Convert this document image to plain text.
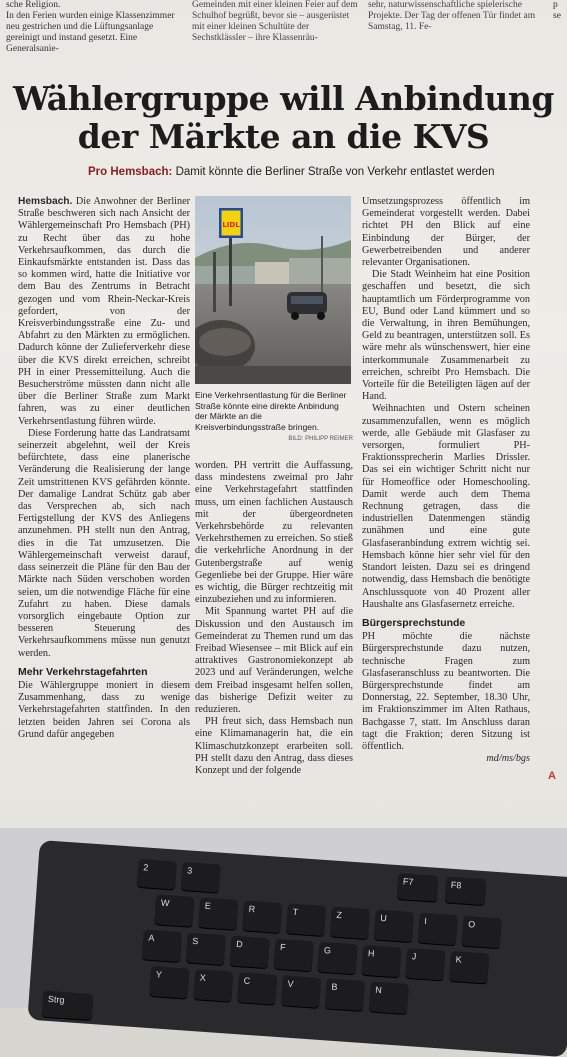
sche Religion.
In den Ferien wurden einige Klassenzimmer neu gestrichen und die Lüftungsanlage gereinigt und instand gesetzt. Eine Generalsanie-
Gemeinden mit einer kleinen Feier auf dem Schulhof begrüßt, bevor sie – ausgerüstet mit einer kleinen Schultüte der Sechstklässler – ihre Klassenräu-
sehr, naturwissenschaftliche spielerische Projekte. Der Tag der offenen Tür findet am Samstag, 11. Fe-
p
se
Wählergruppe will Anbindung
der Märkte an die KVS
Pro Hemsbach: Damit könnte die Berliner Straße von Verkehr entlastet werden

Hemsbach. Die Anwohner der Berliner Straße beschweren sich nach Ansicht der Wählergemeinschaft Pro Hemsbach (PH) zu Recht über das zu hohe Verkehrsaufkommen, das durch die Einkaufsmärkte entstanden ist. Dass das so kommen wird, hatte die Initiative vor dem Bau des Zentrums in Betracht gezogen und vom Rhein-Neckar-Kreis gefordert, von der Kreisverbindungsstraße eine Zu- und Abfahrt zu den Märkten zu ermöglichen. Dadurch könne der Zulieferverkehr diese über die KVS direkt erreichen, schreibt PH in einer Pressemitteilung. Auch die Besucherströme müssten dann nicht alle über die Berliner Straße zum Markt fahren, was zu einer deutlichen Verkehrsentlastung führen würde.

Diese Forderung hatte das Landratsamt seinerzeit abgelehnt, weil der Kreis befürchtete, dass eine planerische Veränderung die Realisierung der lange Zeit umstrittenen KVS gefährden könnte. Der damalige Landrat Schütz gab aber das Versprechen ab, sich nach Fertigstellung der KVS des Anliegens anzunehmen. PH stellt nun den Antrag, dies in die Tat umzusetzen. Die Wählergemeinschaft verweist darauf, dass seinerzeit die Pläne für den Bau der Märkte nach Süden verschoben worden seien, um die notwendige Fläche für eine Zufahrt zu haben. Diese damals vorsorglich eingebaute Option zur besseren Steuerung des Verkehrsaufkommens müsse nun genutzt werden.

Mehr Verkehrstagefahrten

Die Wählergruppe moniert in diesem Zusammenhang, dass zu wenige Verkehrstagefahrten stattfinden. In den letzten beiden Jahren sei Corona als Grund dafür angegeben

LIDL
Eine Verkehrsentlastung für die Berliner Straße könnte eine direkte Anbindung der Märkte an die Kreisverbindungsstraße bringen.
BILD: PHILIPP REIMER

worden. PH vertritt die Auffassung, dass mindestens zweimal pro Jahr eine Verkehrstagefahrt stattfinden muss, um einen fachlichen Austausch mit der übergeordneten Verkehrsbehörde zu relevanten Verkehrsthemen zu erreichen. So stieß die verkehrliche Anordnung in der Gutenbergstraße auf wenig Gegenliebe bei der Gruppe. Hier wäre es wichtig, die Bürger rechtzeitig mit einzubeziehen und zu informieren.

Mit Spannung wartet PH auf die Diskussion und den Austausch im Gemeinderat zu Themen rund um das Freibad Wiesensee – mit Blick auf ein attraktives Gastronomiekonzept ab 2023 und auf Veränderungen, welche dem Freibad insgesamt helfen sollen, das bisherige Defizit weiter zu reduzieren.

PH freut sich, dass Hemsbach nun eine Klimamanagerin hat, die ein Klimaschutzkonzept erarbeiten soll. PH stellt dazu den Antrag, dass dieses Konzept und der folgende

Umsetzungsprozess öffentlich im Gemeinderat vorgestellt werden. Dabei richtet PH den Blick auf eine Einbindung der Bürger, der Gewerbetreibenden und anderer relevanter Organisationen.

Die Stadt Weinheim hat eine Position geschaffen und besetzt, die sich hauptamtlich um Förderprogramme von EU, Bund oder Land kümmert und so die Verwaltung, in ihren Bemühungen, Geld zu beantragen, unterstützen soll. Es wäre mehr als wünschenswert, hier eine interkommunale Zusammenarbeit zu erreichen, schreibt Pro Hemsbach. Die Vorteile für die Beteiligten lägen auf der Hand.

Weihnachten und Ostern scheinen zusammenzufallen, wenn es möglich werde, alle Gebäude mit Glasfaser zu versorgen, formuliert PH-Fraktionssprecherin Marlies Drissler. Das sei ein wichtiger Schritt nicht nur für Homeoffice oder Homeschooling. Damit werde auch dem Thema Rechnung getragen, dass die industriellen Datenmengen ständig zunähmen und eine gute Glasfaseranbindung extrem wichtig sei. Hemsbach könne hier sehr viel für den Standort leisten. Dazu sei es dringend notwendig, dass Hemsbach die benötigte Anschlussquote von 40 Prozent aller Haushalte ans Glasfasernetz erreiche.

Bürgersprechstunde

PH möchte die nächste Bürgersprechstunde dazu nutzen, technische Fragen zum Glasfaseranschluss zu beantworten. Die Bürgersprechstunde findet am Donnerstag, 22. September, 18.30 Uhr, im Fraktionszimmer im Alten Rathaus, Bachgasse 7, statt. Im Anschluss daran tagt die Fraktion; deren Sitzung ist öffentlich.

md/ms/bgs
A
F7	F8
2	3
W	E	R	T	Z	U	I	O
A	S	D	F	G	H	J	K
Y	X	C	V	B	N
Strg
